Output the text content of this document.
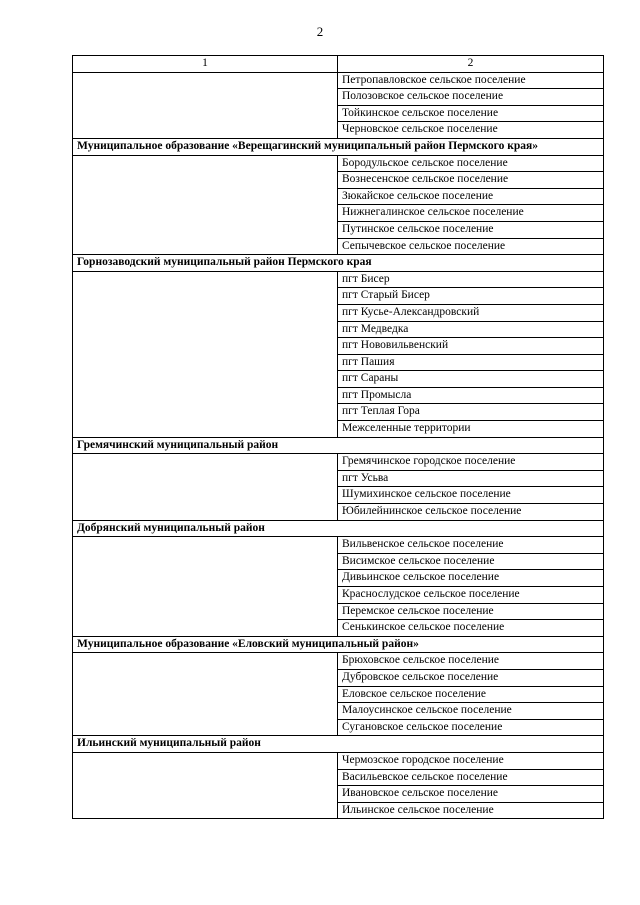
2
1	2
	Петропавловское сельское поселение
	Полозовское сельское поселение
	Тойкинское сельское поселение
	Черновское сельское поселение
Муниципальное образование «Верещагинский муниципальный район Пермского края»	
	Бородульское сельское поселение
	Вознесенское сельское поселение
	Зюкайское сельское поселение
	Нижнегалинское сельское поселение
	Путинское сельское поселение
	Сепычевское сельское поселение
Горнозаводский муниципальный район Пермского края	
	пгт Бисер
	пгт Старый Бисер
	пгт Кусье-Александровский
	пгт Медведка
	пгт Нововильвенский
	пгт Пашия
	пгт Сараны
	пгт Промысла
	пгт Теплая Гора
	Межселенные территории
Гремячинский муниципальный район	
	Гремячинское городское поселение
	пгт Усьва
	Шумихинское сельское поселение
	Юбилейнинское сельское поселение
Добрянский муниципальный район	
	Вильвенское сельское поселение
	Висимское сельское поселение
	Дивьинское сельское поселение
	Краснослудское сельское поселение
	Перемское сельское поселение
	Сенькинское сельское поселение
Муниципальное образование «Еловский муниципальный район»	
	Брюховское сельское поселение
	Дубровское сельское поселение
	Еловское сельское поселение
	Малоусинское сельское поселение
	Сугановское сельское поселение
Ильинский муниципальный район	
	Чермозское городское поселение
	Васильевское сельское поселение
	Ивановское сельское поселение
	Ильинское сельское поселение
